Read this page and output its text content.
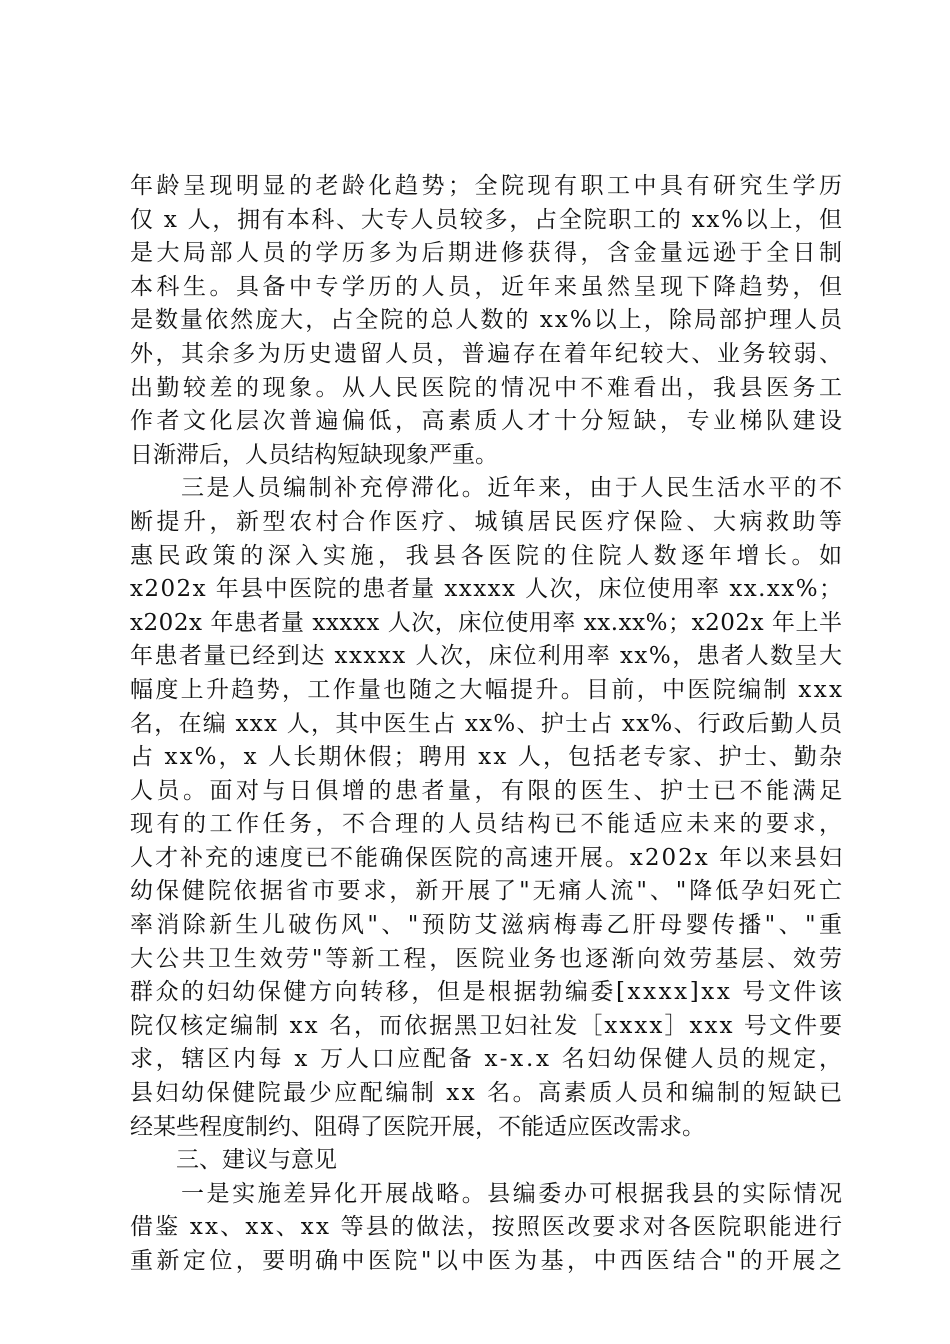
年龄呈现明显的老龄化趋势；全院现有职工中具有研究生学历
仅 x 人，拥有本科、大专人员较多，占全院职工的 xx%以上，但
是大局部人员的学历多为后期进修获得，含金量远逊于全日制
本科生。具备中专学历的人员，近年来虽然呈现下降趋势，但
是数量依然庞大，占全院的总人数的 xx%以上，除局部护理人员
外，其余多为历史遗留人员，普遍存在着年纪较大、业务较弱、
出勤较差的现象。从人民医院的情况中不难看出，我县医务工
作者文化层次普遍偏低，高素质人才十分短缺，专业梯队建设
日渐滞后，人员结构短缺现象严重。
　　三是人员编制补充停滞化。近年来，由于人民生活水平的不
断提升，新型农村合作医疗、城镇居民医疗保险、大病救助等
惠民政策的深入实施，我县各医院的住院人数逐年增长。如
x202x 年县中医院的患者量 xxxxx 人次，床位使用率 xx.xx%；
x202x 年患者量 xxxxx 人次，床位使用率 xx.xx%；x202x 年上半
年患者量已经到达 xxxxx 人次，床位利用率 xx%，患者人数呈大
幅度上升趋势，工作量也随之大幅提升。目前，中医院编制 xxx
名，在编 xxx 人，其中医生占 xx%、护士占 xx%、行政后勤人员
占 xx%，x 人长期休假；聘用 xx 人，包括老专家、护士、勤杂
人员。面对与日俱增的患者量，有限的医生、护士已不能满足
现有的工作任务，不合理的人员结构已不能适应未来的要求，
人才补充的速度已不能确保医院的高速开展。x202x 年以来县妇
幼保健院依据省市要求，新开展了"无痛人流"、"降低孕妇死亡
率消除新生儿破伤风"、"预防艾滋病梅毒乙肝母婴传播"、"重
大公共卫生效劳"等新工程，医院业务也逐渐向效劳基层、效劳
群众的妇幼保健方向转移，但是根据勃编委[xxxx]xx 号文件该
院仅核定编制 xx 名，而依据黑卫妇社发［xxxx］xxx 号文件要
求，辖区内每 x 万人口应配备 x-x.x 名妇幼保健人员的规定，
县妇幼保健院最少应配编制 xx 名。高素质人员和编制的短缺已
经某些程度制约、阻碍了医院开展，不能适应医改需求。
　　三、建议与意见
　　一是实施差异化开展战略。县编委办可根据我县的实际情况
借鉴 xx、xx、xx 等县的做法，按照医改要求对各医院职能进行
重新定位，要明确中医院"以中医为基，中西医结合"的开展之
